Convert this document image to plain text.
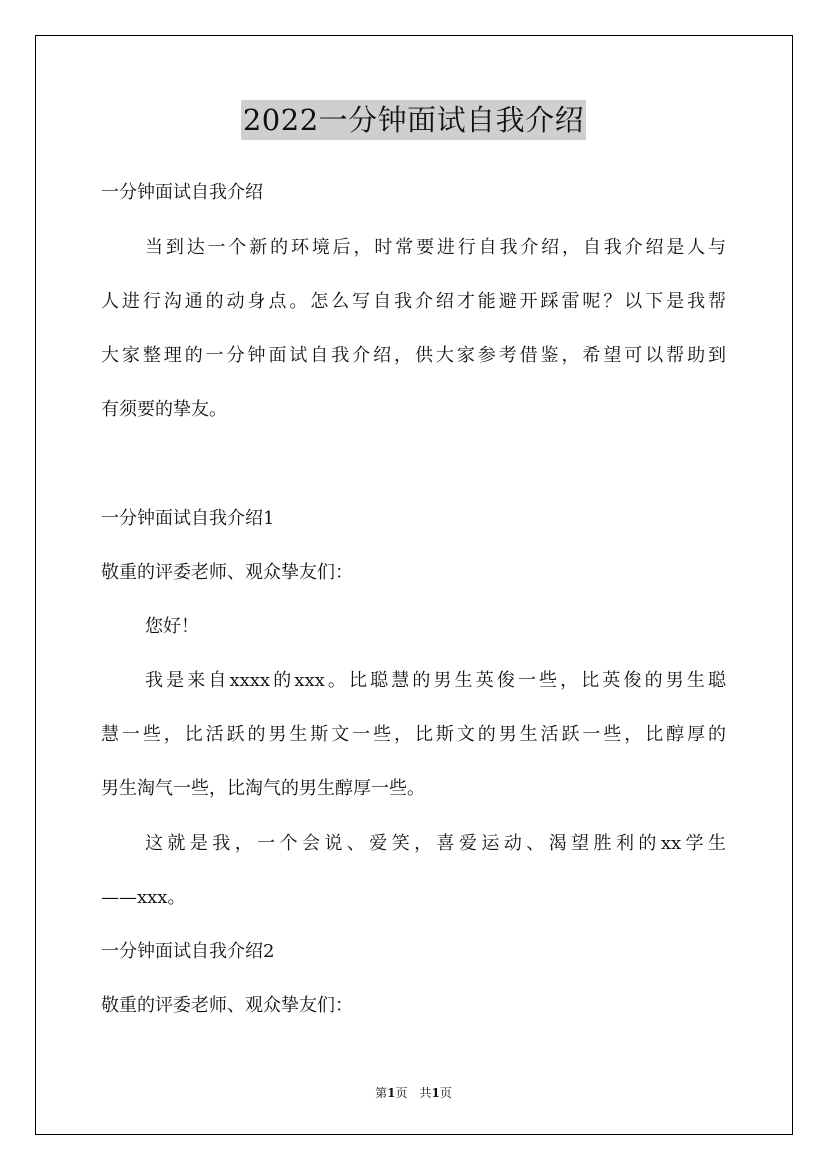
2022一分钟面试自我介绍
一分钟面试自我介绍
当到达一个新的环境后，时常要进行自我介绍，自我介绍是人与
人进行沟通的动身点。怎么写自我介绍才能避开踩雷呢？以下是我帮
大家整理的一分钟面试自我介绍，供大家参考借鉴，希望可以帮助到
有须要的挚友。
一分钟面试自我介绍1
敬重的评委老师、观众挚友们：
您好！
我是来自xxxx的xxx。比聪慧的男生英俊一些，比英俊的男生聪
慧一些，比活跃的男生斯文一些，比斯文的男生活跃一些，比醇厚的
男生淘气一些，比淘气的男生醇厚一些。
这就是我，一个会说、爱笑，喜爱运动、渴望胜利的xx学生
——xxx。
一分钟面试自我介绍2
敬重的评委老师、观众挚友们：
第1页　共1页
